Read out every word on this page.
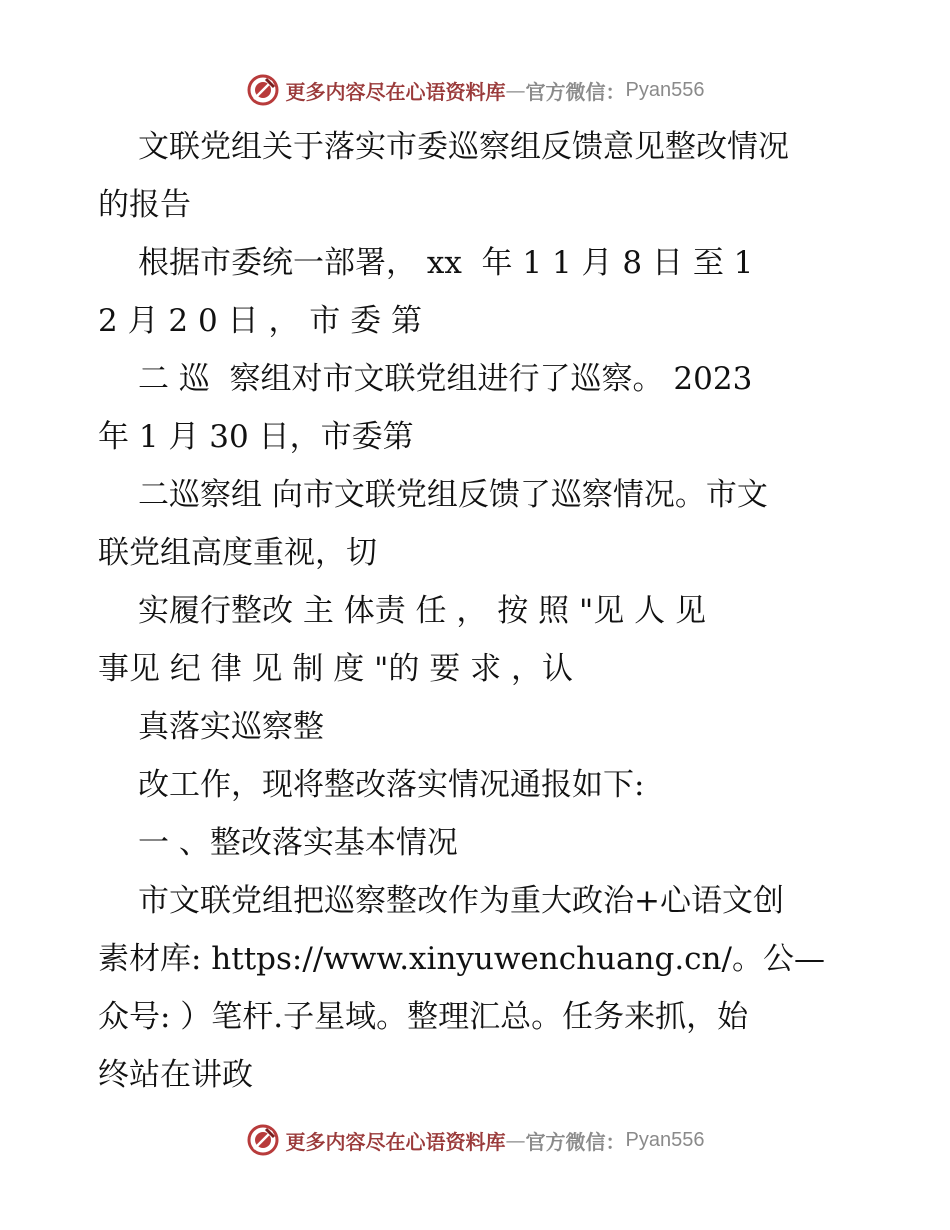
更多内容尽在心语资料库 — 官方微信： Pyan556
文联党组关于落实市委巡察组反馈意见整改情况
的报告
根据市委统一部署， xx  年 1 1 月 8 日 至 1
2 月 2 0 日 ， 市 委 第
二 巡  察组对市文联党组进行了巡察。 2023
年 1 月 30 日，市委第
二巡察组 向市文联党组反馈了巡察情况。市文
联党组高度重视，切
实履行整改 主 体责 任 ， 按 照 "见 人 见
事见 纪 律 见 制 度 "的 要 求 ，认
真落实巡察整
改工作，现将整改落实情况通报如下:
一 、整改落实基本情况
市文联党组把巡察整改作为重大政治+心语文创
素材库: https://www.xinyuwenchuang.cn/。公—
众号: ）笔杆.子星域。整理汇总。任务来抓，始
终站在讲政
更多内容尽在心语资料库 — 官方微信： Pyan556
